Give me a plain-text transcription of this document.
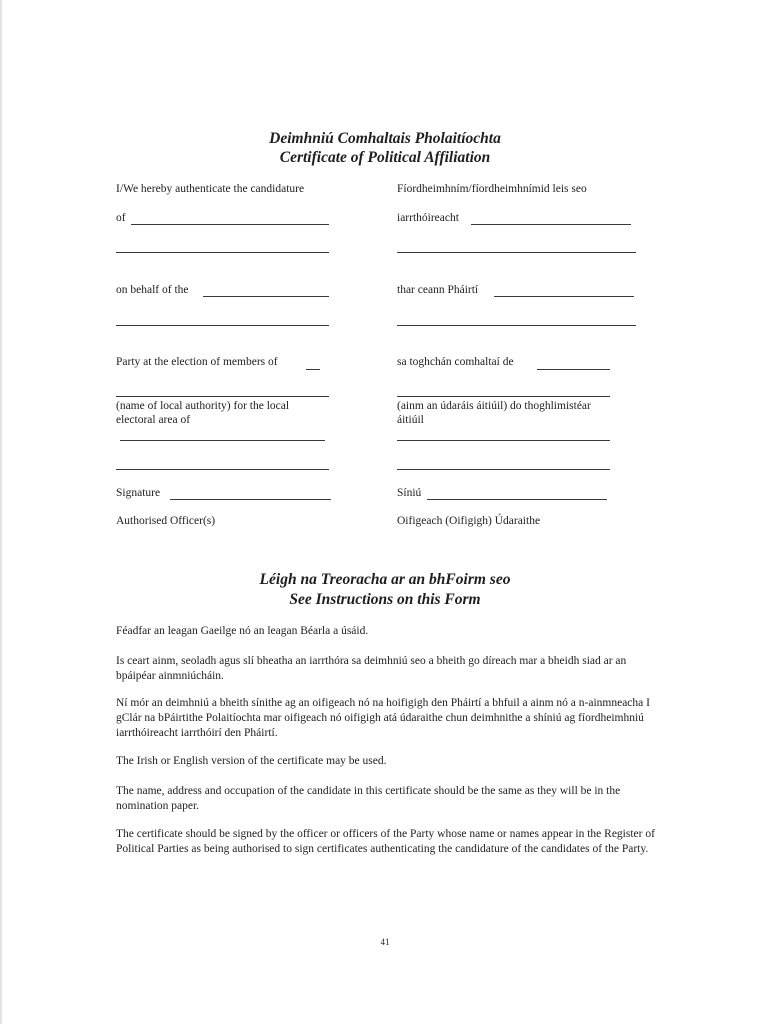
Deimhniú Comhaltais Pholaitíochta
Certificate of Political Affiliation
I/We hereby authenticate the candidature
of
on behalf of the
Party at the election of members of
(name of local authority) for the local
electoral area of
Signature
Authorised Officer(s)
Fíordheimhním/fíordheimhnímid leis seo
iarrthóireacht
thar ceann Pháirtí
sa toghchán comhaltaí de
(ainm an údaráis áitiúil) do thoghlimistéar
áitiúil
Síniú
Oifigeach (Oifigigh) Údaraithe
Léigh na Treoracha ar an bhFoirm seo
See Instructions on this Form
Féadfar an leagan Gaeilge nó an leagan Béarla a úsáid.
Is ceart ainm, seoladh agus slí bheatha an iarrthóra sa deimhniú seo a bheith go díreach mar a bheidh siad ar an bpáipéar ainmniúcháin.
Ní mór an deimhniú a bheith sínithe ag an oifigeach nó na hoifigigh den Pháirtí a bhfuil a ainm nó a n-ainmneacha I gClár na bPáirtithe Polaitíochta mar oifigeach nó oifigigh atá údaraithe chun deimhnithe a shíniú ag fíordheimhniú iarrthóireacht iarrthóirí den Pháirtí.
The Irish or English version of the certificate may be used.
The name, address and occupation of the candidate in this certificate should be the same as they will be in the nomination paper.
The certificate should be signed by the officer or officers of the Party whose name or names appear in the Register of Political Parties as being authorised to sign certificates authenticating the candidature of the candidates of the Party.
41
